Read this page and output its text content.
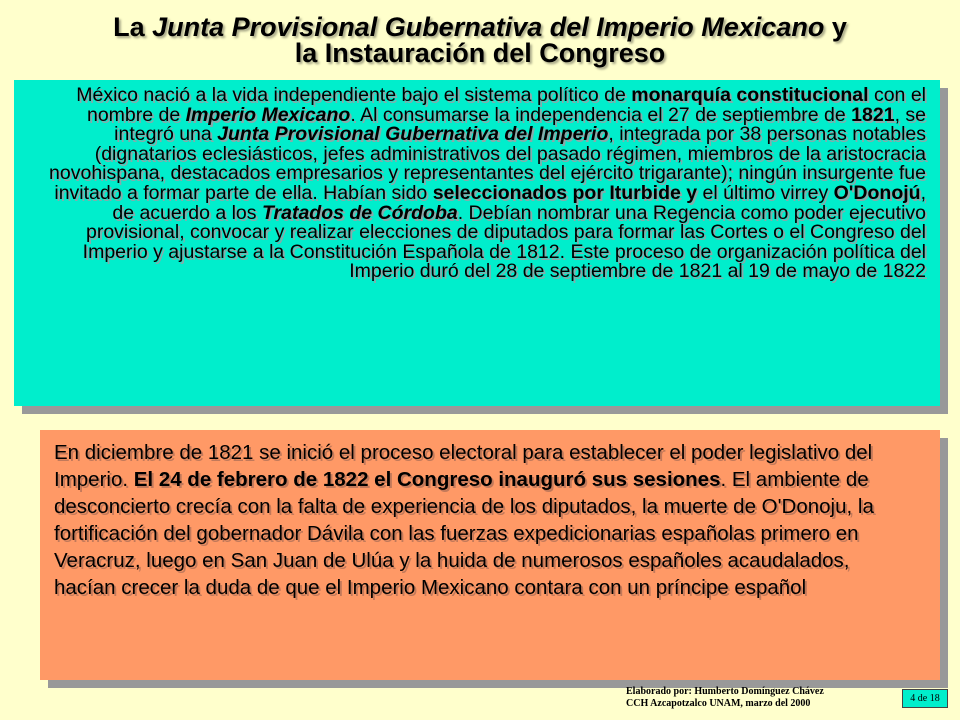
La Junta Provisional Gubernativa del Imperio Mexicano y
la Instauración del Congreso
México nació a la vida independiente bajo el sistema político de monarquía constitucional con el nombre de Imperio Mexicano. Al consumarse la independencia el 27 de septiembre de 1821, se integró una Junta Provisional Gubernativa del Imperio, integrada por 38 personas notables (dignatarios eclesiásticos, jefes administrativos del pasado régimen, miembros de la aristocracia novohispana, destacados empresarios y representantes del ejército trigarante); ningún insurgente fue invitado a formar parte de ella. Habían sido seleccionados por Iturbide y el último virrey O'Donojú, de acuerdo a los Tratados de Córdoba. Debían nombrar una Regencia como poder ejecutivo provisional, convocar y realizar elecciones de diputados para formar las Cortes o el Congreso del Imperio y ajustarse a la Constitución Española de 1812. Este proceso de organización política del Imperio duró del 28 de septiembre de 1821 al 19 de mayo de 1822
En diciembre de 1821 se inició el proceso electoral para establecer el poder legislativo del Imperio. El 24 de febrero de 1822 el Congreso inauguró sus sesiones. El ambiente de desconcierto crecía con la falta de experiencia de los diputados, la muerte de O'Donoju, la fortificación del gobernador Dávila con las fuerzas expedicionarias españolas primero en Veracruz, luego en San Juan de Ulúa y la huida de numerosos españoles acaudalados, hacían crecer la duda de que el Imperio Mexicano contara con un príncipe español
Elaborado por: Humberto Domínguez Chávez
CCH Azcapotzalco UNAM, marzo del 2000	4 de 18
